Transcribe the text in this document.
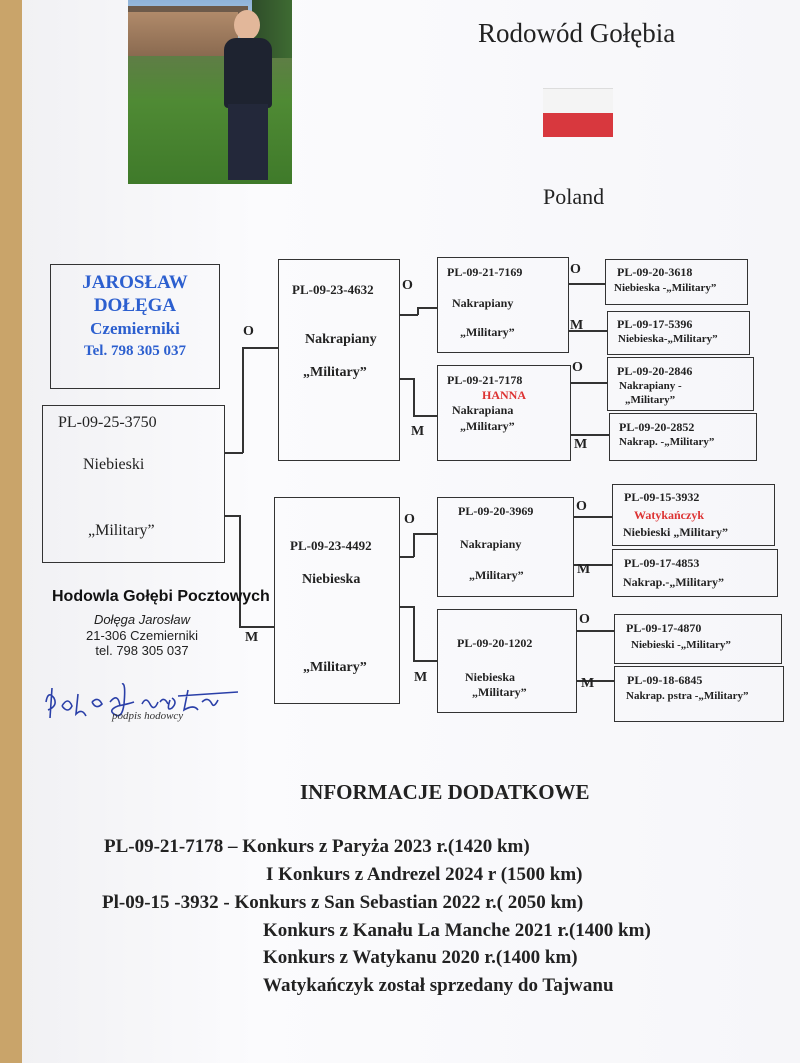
Rodowód Gołębia
Poland
JAROSŁAW
DOŁĘGA
Czemierniki
Tel. 798 305 037
PL-09-25-3750
Niebieski
„Military”
O
M
PL-09-23-4632
Nakrapiany
„Military”
PL-09-23-4492
Niebieska
„Military”
O
M
O
M
PL-09-21-7169
Nakrapiany
„Military”
PL-09-21-7178
HANNA
Nakrapiana
„Military”
PL-09-20-3969
Nakrapiany
„Military”
PL-09-20-1202
Niebieska
„Military”
O
M
O
M
O
M
O
M
PL-09-20-3618
Niebieska -„Military”
PL-09-17-5396
Niebieska-„Military”
PL-09-20-2846
Nakrapiany -
„Military”
PL-09-20-2852
Nakrap. -„Military”
PL-09-15-3932
Watykańczyk
Niebieski „Military”
PL-09-17-4853
Nakrap.-„Military”
PL-09-17-4870
Niebieski -„Military”
PL-09-18-6845
Nakrap. pstra -„Military”
Hodowla Gołębi Pocztowych
Dołęga Jarosław
21-306 Czemierniki
tel. 798 305 037
podpis hodowcy
INFORMACJE DODATKOWE
PL-09-21-7178 – Konkurs z Paryża 2023 r.(1420 km)
I Konkurs z Andrezel 2024 r (1500 km)
Pl-09-15 -3932 - Konkurs z San Sebastian 2022 r.( 2050 km)
Konkurs z Kanału La Manche 2021 r.(1400 km)
Konkurs z Watykanu 2020 r.(1400 km)
Watykańczyk został sprzedany do Tajwanu
